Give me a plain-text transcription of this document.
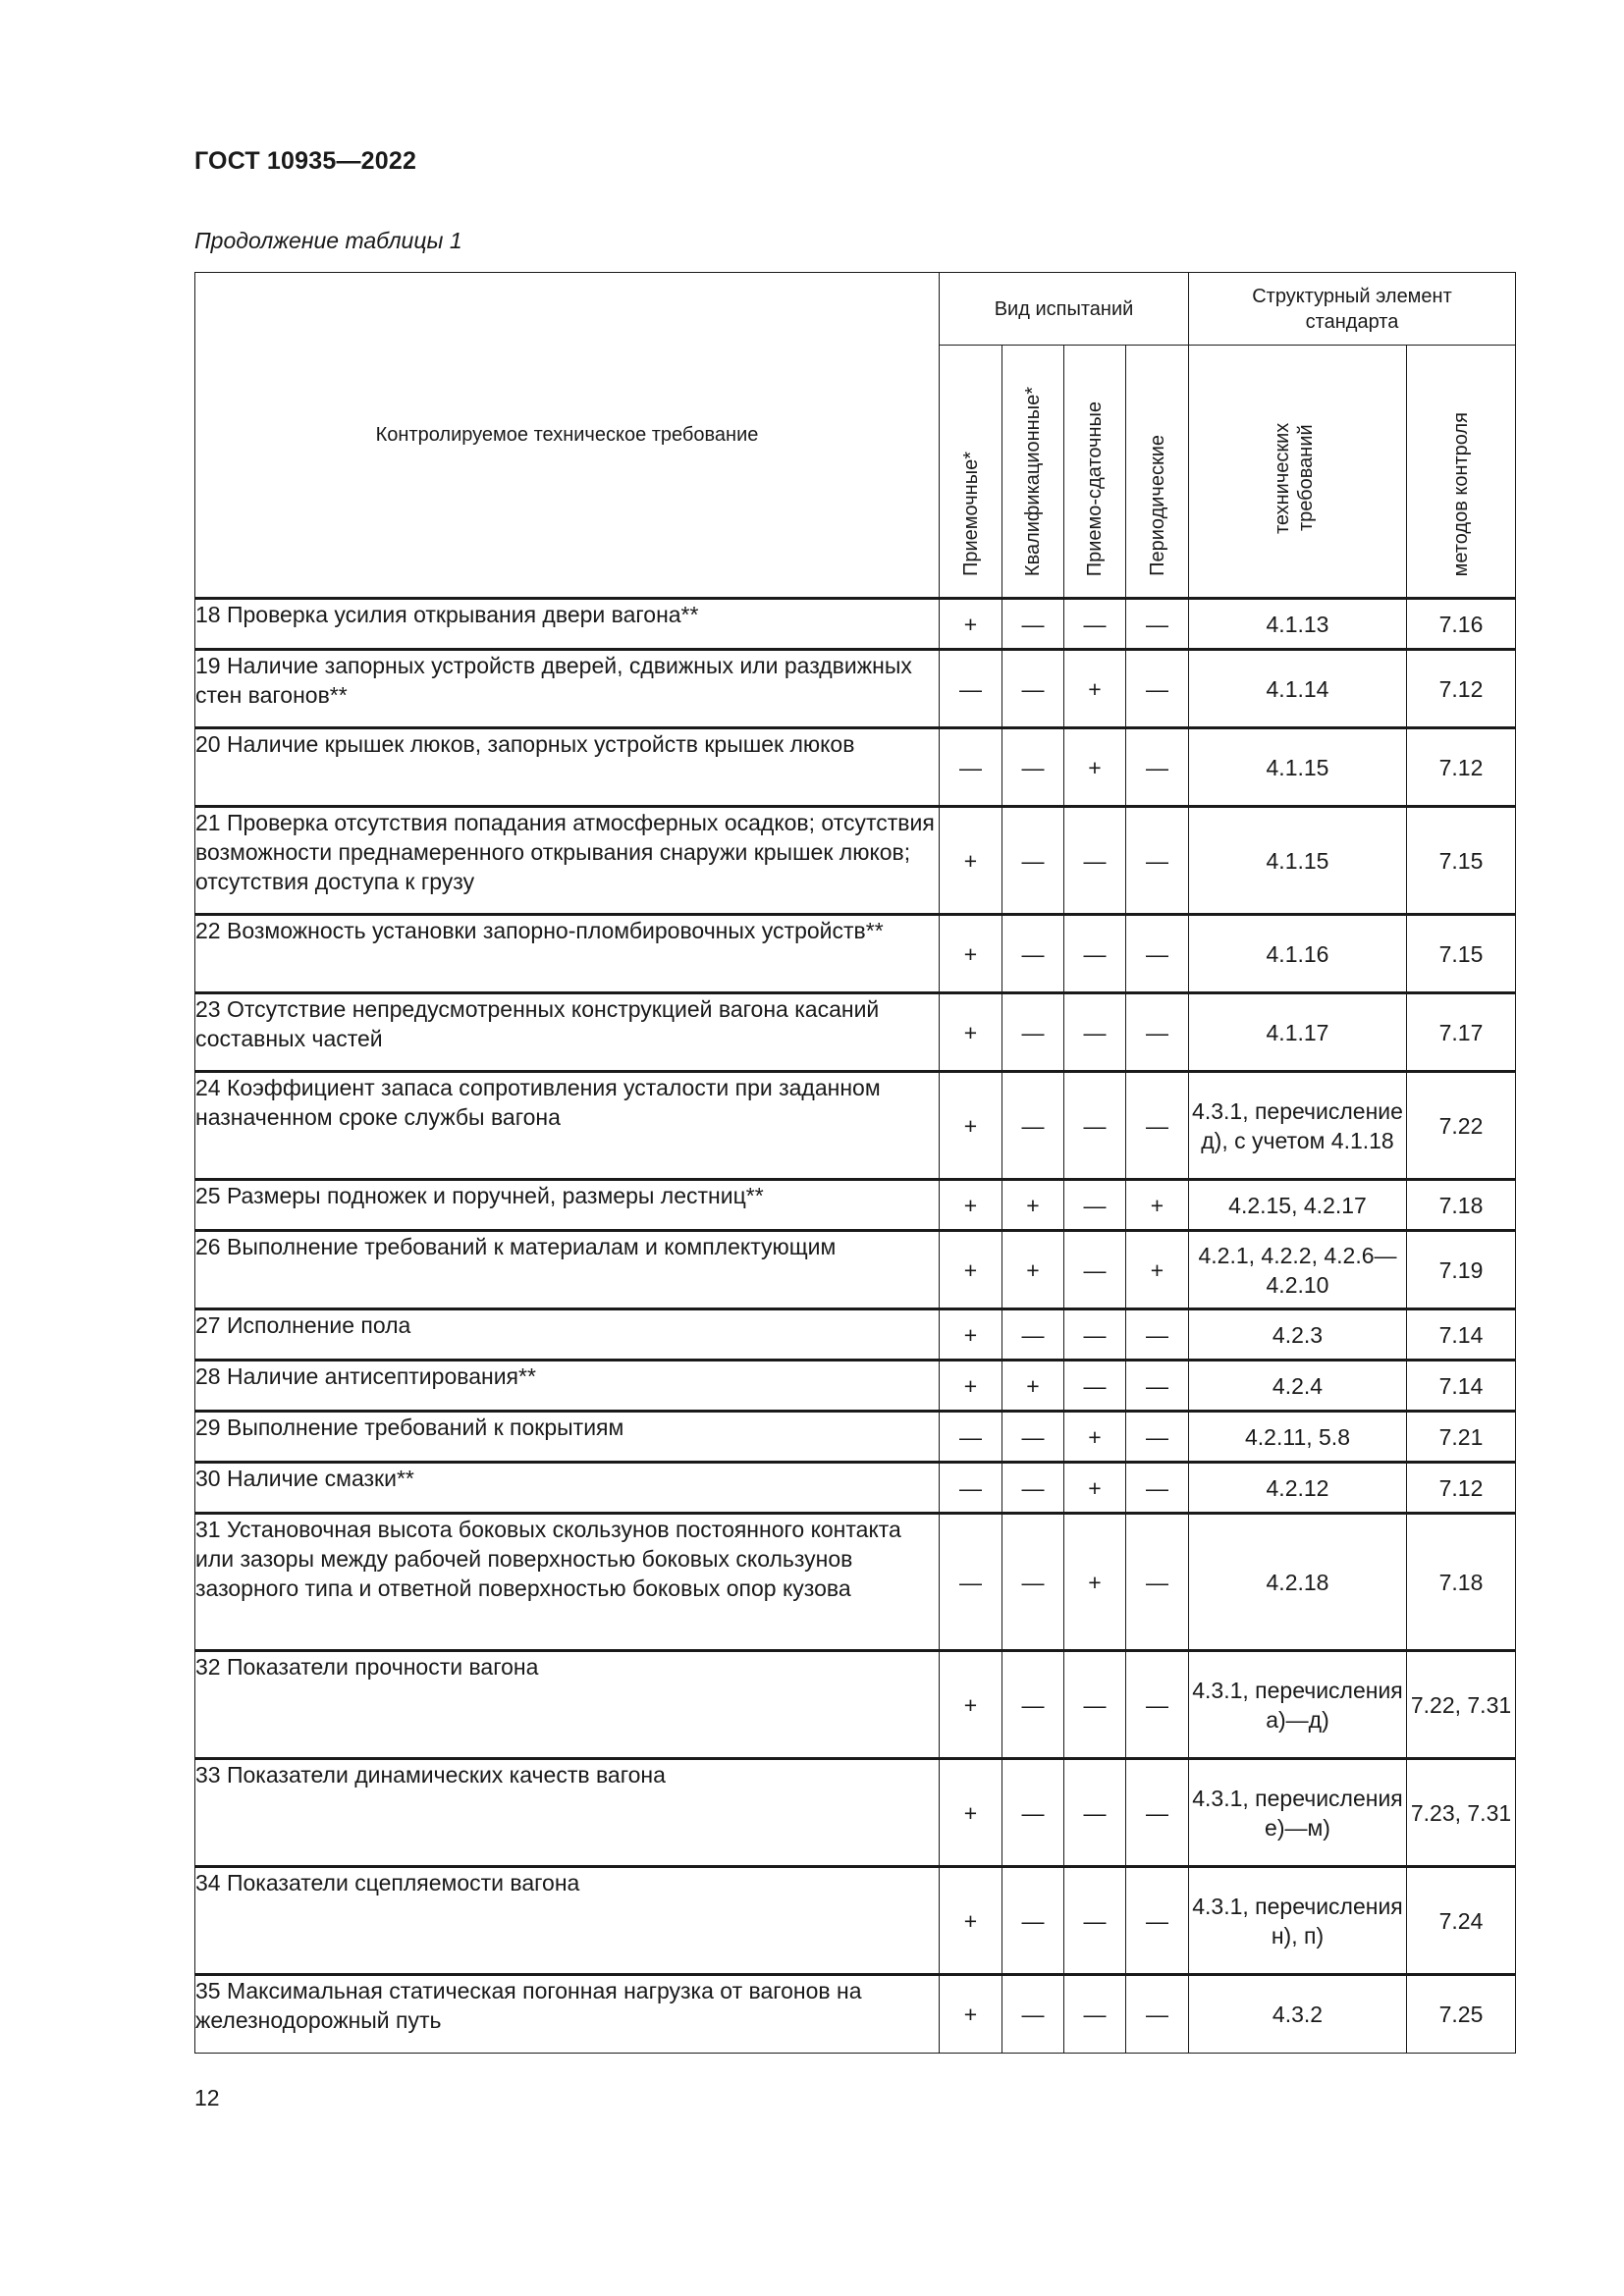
ГОСТ 10935—2022
Продолжение таблицы 1
Контролируемое техническое требование	Вид испытаний				Структурный элемент стандарта	
	Приемочные*	Квалификационные*	Приемо-сдаточные	Периодические	технических требований	методов контроля
18 Проверка усилия открывания двери вагона**	+	—	—	—	4.1.13	7.16
19 Наличие запорных устройств дверей, сдвижных или раздвижных стен вагонов**	—	—	+	—	4.1.14	7.12
20 Наличие крышек люков, запорных устройств крышек люков	—	—	+	—	4.1.15	7.12
21 Проверка отсутствия попадания атмосферных осадков; отсутствия возможности преднамеренного открывания снаружи крышек люков; отсутствия доступа к грузу	+	—	—	—	4.1.15	7.15
22 Возможность установки запорно-пломбировочных устройств**	+	—	—	—	4.1.16	7.15
23 Отсутствие непредусмотренных конструкцией вагона касаний составных частей	+	—	—	—	4.1.17	7.17
24 Коэффициент запаса сопротивления усталости при заданном назначенном сроке службы вагона	+	—	—	—	4.3.1, перечисление д), с учетом 4.1.18	7.22
25 Размеры подножек и поручней, размеры лестниц**	+	+	—	+	4.2.15, 4.2.17	7.18
26 Выполнение требований к материалам и комплектующим	+	+	—	+	4.2.1, 4.2.2, 4.2.6—4.2.10	7.19
27 Исполнение пола	+	—	—	—	4.2.3	7.14
28 Наличие антисептирования**	+	+	—	—	4.2.4	7.14
29 Выполнение требований к покрытиям	—	—	+	—	4.2.11, 5.8	7.21
30 Наличие смазки**	—	—	+	—	4.2.12	7.12
31 Установочная высота боковых скользунов постоянного контакта или зазоры между рабочей поверхностью боковых скользунов зазорного типа и ответной поверхностью боковых опор кузова	—	—	+	—	4.2.18	7.18
32 Показатели прочности вагона	+	—	—	—	4.3.1, перечисления а)—д)	7.22, 7.31
33 Показатели динамических качеств вагона	+	—	—	—	4.3.1, перечисления е)—м)	7.23, 7.31
34 Показатели сцепляемости вагона	+	—	—	—	4.3.1, перечисления н), п)	7.24
35 Максимальная статическая погонная нагрузка от вагонов на железнодорожный путь	+	—	—	—	4.3.2	7.25
12
